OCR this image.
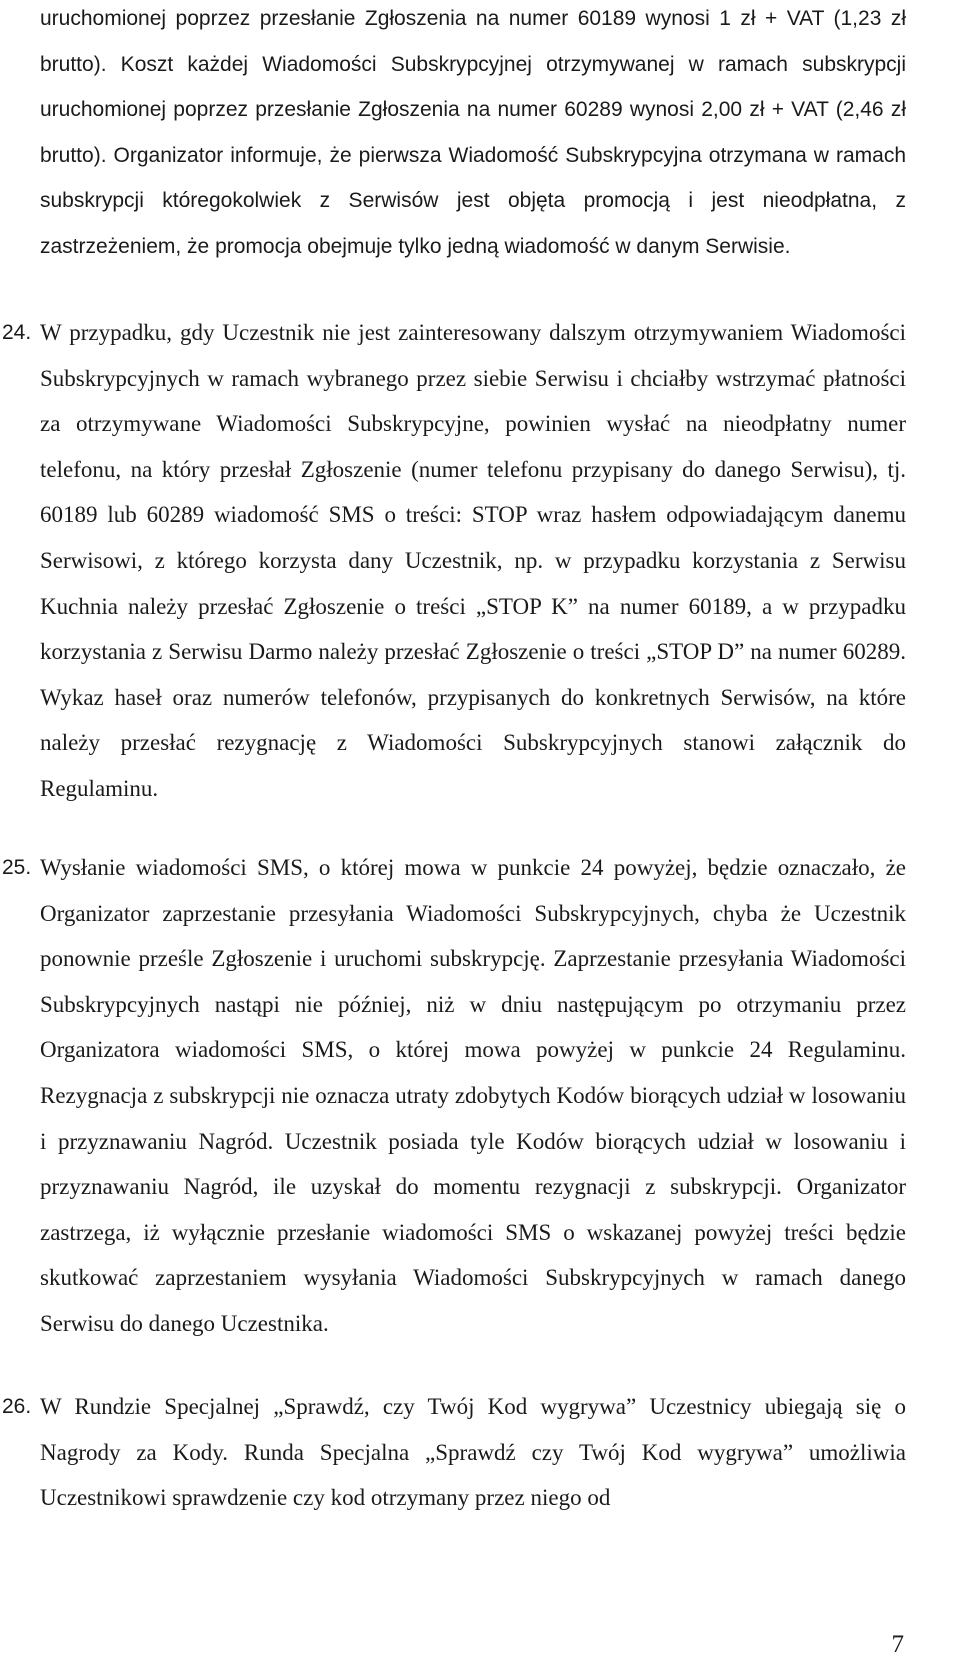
uruchomionej poprzez przesłanie Zgłoszenia na numer 60189 wynosi 1 zł + VAT (1,23 zł brutto). Koszt każdej Wiadomości Subskrypcyjnej otrzymywanej w ramach subskrypcji uruchomionej poprzez przesłanie Zgłoszenia na numer 60289 wynosi 2,00 zł + VAT (2,46 zł brutto). Organizator informuje, że pierwsza Wiadomość Subskrypcyjna otrzymana w ramach subskrypcji któregokolwiek z Serwisów jest objęta promocją i jest nieodpłatna, z zastrzeżeniem, że promocja obejmuje tylko jedną wiadomość w danym Serwisie.

24. W przypadku, gdy Uczestnik nie jest zainteresowany dalszym otrzymywaniem Wiadomości Subskrypcyjnych w ramach wybranego przez siebie Serwisu i chciałby wstrzymać płatności za otrzymywane Wiadomości Subskrypcyjne, powinien wysłać na nieodpłatny numer telefonu, na który przesłał Zgłoszenie (numer telefonu przypisany do danego Serwisu), tj. 60189 lub 60289 wiadomość SMS o treści: STOP wraz hasłem odpowiadającym danemu Serwisowi, z którego korzysta dany Uczestnik, np. w przypadku korzystania z Serwisu Kuchnia należy przesłać Zgłoszenie o treści „STOP K” na numer 60189, a w przypadku korzystania z Serwisu Darmo należy przesłać Zgłoszenie o treści „STOP D” na numer 60289. Wykaz haseł oraz numerów telefonów, przypisanych do konkretnych Serwisów, na które należy przesłać rezygnację z Wiadomości Subskrypcyjnych stanowi załącznik do Regulaminu.

25. Wysłanie wiadomości SMS, o której mowa w punkcie 24 powyżej, będzie oznaczało, że Organizator zaprzestanie przesyłania Wiadomości Subskrypcyjnych, chyba że Uczestnik ponownie prześle Zgłoszenie i uruchomi subskrypcję. Zaprzestanie przesyłania Wiadomości Subskrypcyjnych nastąpi nie później, niż w dniu następującym po otrzymaniu przez Organizatora wiadomości SMS, o której mowa powyżej w punkcie 24 Regulaminu. Rezygnacja z subskrypcji nie oznacza utraty zdobytych Kodów biorących udział w losowaniu i przyznawaniu Nagród. Uczestnik posiada tyle Kodów biorących udział w losowaniu i przyznawaniu Nagród, ile uzyskał do momentu rezygnacji z subskrypcji. Organizator zastrzega, iż wyłącznie przesłanie wiadomości SMS o wskazanej powyżej treści będzie skutkować zaprzestaniem wysyłania Wiadomości Subskrypcyjnych w ramach danego Serwisu do danego Uczestnika.

26. W Rundzie Specjalnej „Sprawdź, czy Twój Kod wygrywa” Uczestnicy ubiegają się o Nagrody za Kody. Runda Specjalna „Sprawdź czy Twój Kod wygrywa” umożliwia Uczestnikowi sprawdzenie czy kod otrzymany przez niego od

7
